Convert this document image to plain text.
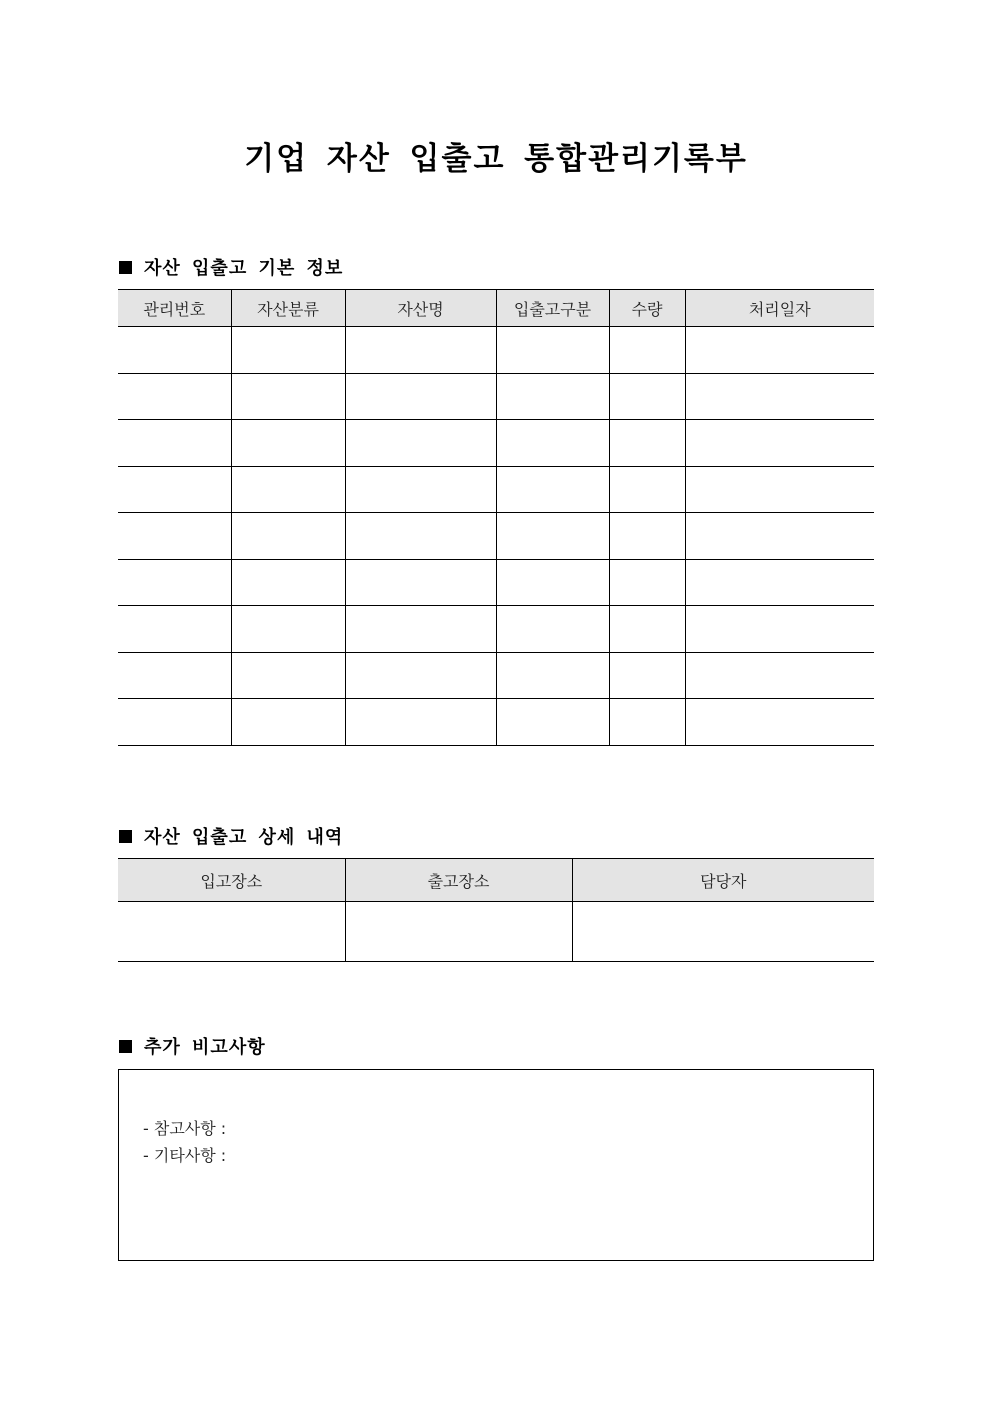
기업 자산 입출고 통합관리기록부
자산 입출고 기본 정보
관리번호	자산분류	자산명	입출고구분	수량	처리일자

자산 입출고 상세 내역
입고장소	출고장소	담당자

추가 비고사항
- 참고사항 :
- 기타사항 :
